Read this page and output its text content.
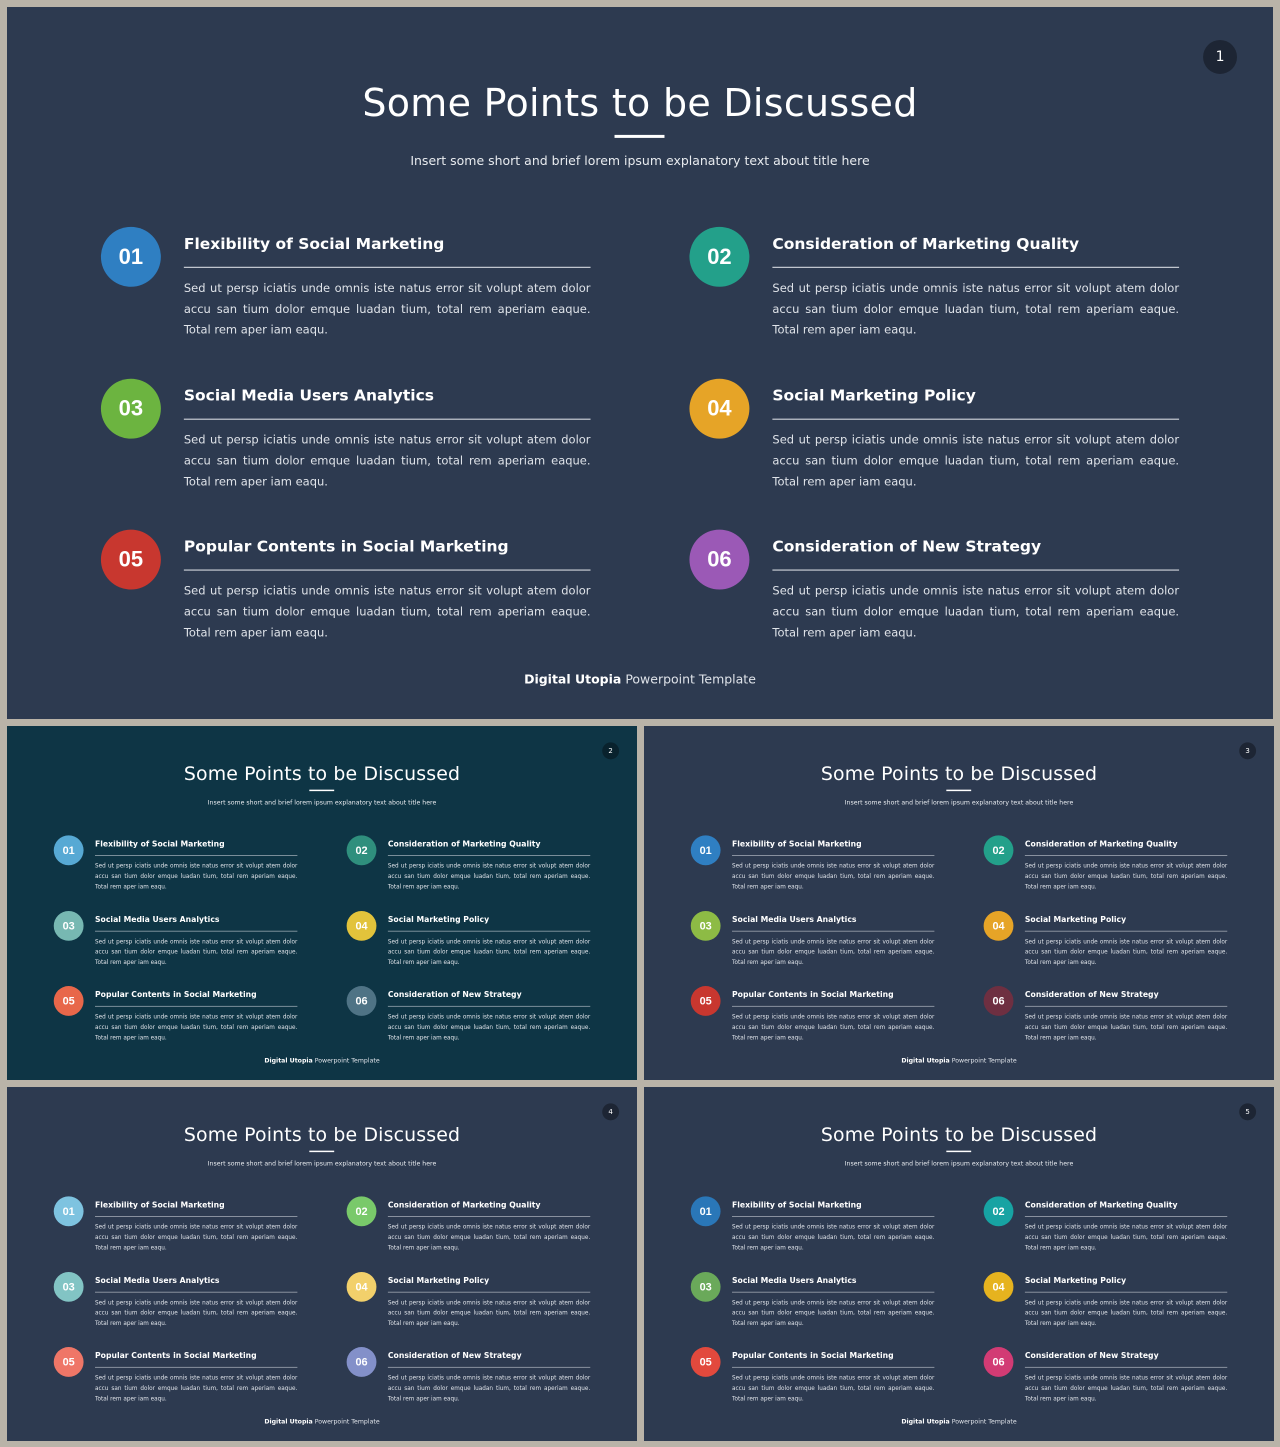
1
Some Points to be Discussed
Insert some short and brief lorem ipsum explanatory text about title here
01
Flexibility of Social Marketing
Sed ut persp iciatis unde omnis iste natus error sit volupt atem dolor accu san tium dolor emque luadan tium, total rem aperiam eaque. Total rem aper iam eaqu.
02
Consideration of Marketing Quality
Sed ut persp iciatis unde omnis iste natus error sit volupt atem dolor accu san tium dolor emque luadan tium, total rem aperiam eaque. Total rem aper iam eaqu.
03	Social Media Users Analytics
Sed ut persp iciatis unde omnis iste natus error sit volupt atem dolor accu san tium dolor emque luadan tium, total rem aperiam eaque. Total rem aper iam eaqu.
04	Social Marketing Policy
Sed ut persp iciatis unde omnis iste natus error sit volupt atem dolor accu san tium dolor emque luadan tium, total rem aperiam eaque. Total rem aper iam eaqu.
05	Popular Contents in Social Marketing
Sed ut persp iciatis unde omnis iste natus error sit volupt atem dolor accu san tium dolor emque luadan tium, total rem aperiam eaque. Total rem aper iam eaqu.
06	Consideration of New Strategy
Sed ut persp iciatis unde omnis iste natus error sit volupt atem dolor accu san tium dolor emque luadan tium, total rem aperiam eaque. Total rem aper iam eaqu.
Digital Utopia Powerpoint Template
2
Some Points to be Discussed
Insert some short and brief lorem ipsum explanatory text about title here
01	Flexibility of Social Marketing
Sed ut persp iciatis unde omnis iste natus error sit volupt atem dolor accu san tium dolor emque luadan tium, total rem aperiam eaque. Total rem aper iam eaqu.
02	Consideration of Marketing Quality
Sed ut persp iciatis unde omnis iste natus error sit volupt atem dolor accu san tium dolor emque luadan tium, total rem aperiam eaque. Total rem aper iam eaqu.
03
Social Media Users Analytics
Sed ut persp iciatis unde omnis iste natus error sit volupt atem dolor accu san tium dolor emque luadan tium, total rem aperiam eaque. Total rem aper iam eaqu.
04
Social Marketing Policy
Sed ut persp iciatis unde omnis iste natus error sit volupt atem dolor accu san tium dolor emque luadan tium, total rem aperiam eaque. Total rem aper iam eaqu.
05
Popular Contents in Social Marketing
Sed ut persp iciatis unde omnis iste natus error sit volupt atem dolor accu san tium dolor emque luadan tium, total rem aperiam eaque. Total rem aper iam eaqu.
06
Consideration of New Strategy
Sed ut persp iciatis unde omnis iste natus error sit volupt atem dolor accu san tium dolor emque luadan tium, total rem aperiam eaque. Total rem aper iam eaqu.
Digital Utopia Powerpoint Template
3
Some Points to be Discussed
Insert some short and brief lorem ipsum explanatory text about title here
01	Flexibility of Social Marketing
Sed ut persp iciatis unde omnis iste natus error sit volupt atem dolor accu san tium dolor emque luadan tium, total rem aperiam eaque. Total rem aper iam eaqu.
02	Consideration of Marketing Quality
Sed ut persp iciatis unde omnis iste natus error sit volupt atem dolor accu san tium dolor emque luadan tium, total rem aperiam eaque. Total rem aper iam eaqu.
03
Social Media Users Analytics
Sed ut persp iciatis unde omnis iste natus error sit volupt atem dolor accu san tium dolor emque luadan tium, total rem aperiam eaque. Total rem aper iam eaqu.
04
Social Marketing Policy
Sed ut persp iciatis unde omnis iste natus error sit volupt atem dolor accu san tium dolor emque luadan tium, total rem aperiam eaque. Total rem aper iam eaqu.
05
Popular Contents in Social Marketing
Sed ut persp iciatis unde omnis iste natus error sit volupt atem dolor accu san tium dolor emque luadan tium, total rem aperiam eaque. Total rem aper iam eaqu.
06
Consideration of New Strategy
Sed ut persp iciatis unde omnis iste natus error sit volupt atem dolor accu san tium dolor emque luadan tium, total rem aperiam eaque. Total rem aper iam eaqu.
Digital Utopia Powerpoint Template
4
Some Points to be Discussed
Insert some short and brief lorem ipsum explanatory text about title here
01
Flexibility of Social Marketing
Sed ut persp iciatis unde omnis iste natus error sit volupt atem dolor accu san tium dolor emque luadan tium, total rem aperiam eaque. Total rem aper iam eaqu.
02
Consideration of Marketing Quality
Sed ut persp iciatis unde omnis iste natus error sit volupt atem dolor accu san tium dolor emque luadan tium, total rem aperiam eaque. Total rem aper iam eaqu.
03	Social Media Users Analytics
Sed ut persp iciatis unde omnis iste natus error sit volupt atem dolor accu san tium dolor emque luadan tium, total rem aperiam eaque. Total rem aper iam eaqu.
04	Social Marketing Policy
Sed ut persp iciatis unde omnis iste natus error sit volupt atem dolor accu san tium dolor emque luadan tium, total rem aperiam eaque. Total rem aper iam eaqu.
05	Popular Contents in Social Marketing
Sed ut persp iciatis unde omnis iste natus error sit volupt atem dolor accu san tium dolor emque luadan tium, total rem aperiam eaque. Total rem aper iam eaqu.
06	Consideration of New Strategy
Sed ut persp iciatis unde omnis iste natus error sit volupt atem dolor accu san tium dolor emque luadan tium, total rem aperiam eaque. Total rem aper iam eaqu.
Digital Utopia Powerpoint Template
5
Some Points to be Discussed
Insert some short and brief lorem ipsum explanatory text about title here
01
Flexibility of Social Marketing
Sed ut persp iciatis unde omnis iste natus error sit volupt atem dolor accu san tium dolor emque luadan tium, total rem aperiam eaque. Total rem aper iam eaqu.
02
Consideration of Marketing Quality
Sed ut persp iciatis unde omnis iste natus error sit volupt atem dolor accu san tium dolor emque luadan tium, total rem aperiam eaque. Total rem aper iam eaqu.
03	Social Media Users Analytics
Sed ut persp iciatis unde omnis iste natus error sit volupt atem dolor accu san tium dolor emque luadan tium, total rem aperiam eaque. Total rem aper iam eaqu.
04	Social Marketing Policy
Sed ut persp iciatis unde omnis iste natus error sit volupt atem dolor accu san tium dolor emque luadan tium, total rem aperiam eaque. Total rem aper iam eaqu.
05	Popular Contents in Social Marketing
Sed ut persp iciatis unde omnis iste natus error sit volupt atem dolor accu san tium dolor emque luadan tium, total rem aperiam eaque. Total rem aper iam eaqu.
06	Consideration of New Strategy
Sed ut persp iciatis unde omnis iste natus error sit volupt atem dolor accu san tium dolor emque luadan tium, total rem aperiam eaque. Total rem aper iam eaqu.
Digital Utopia Powerpoint Template
